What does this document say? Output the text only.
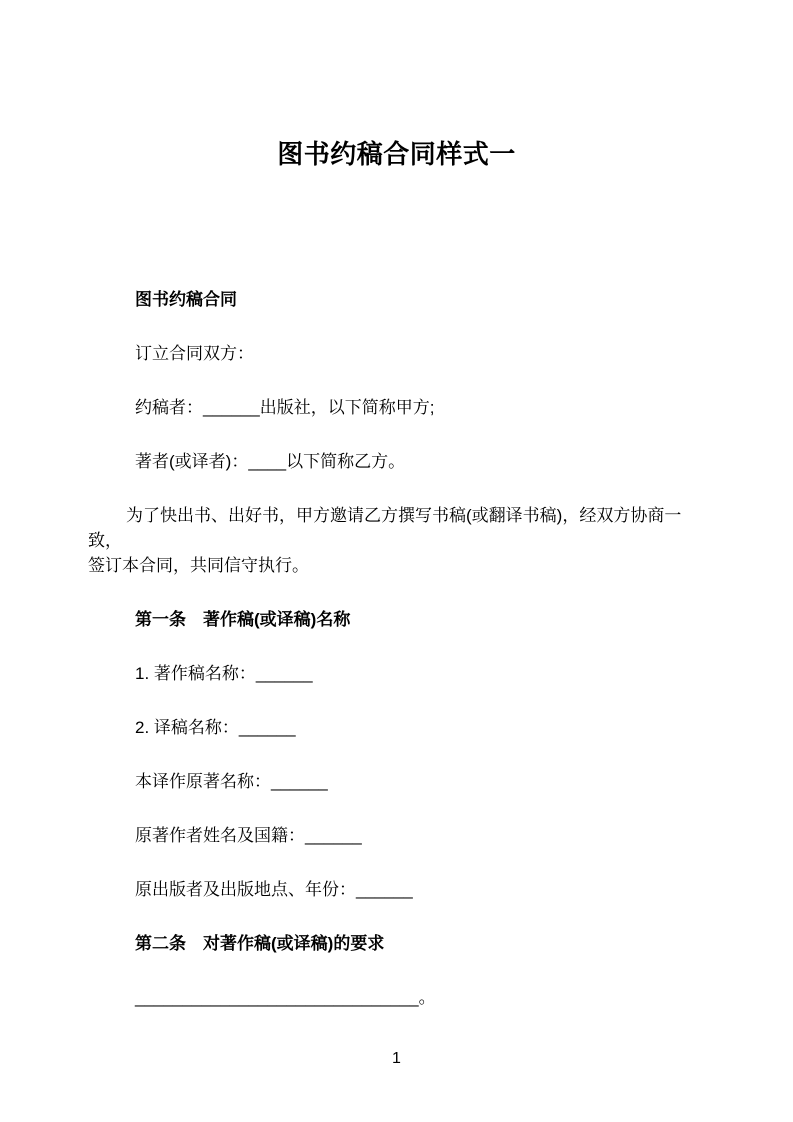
图书约稿合同样式一

图书约稿合同

订立合同双方：

约稿者：______出版社，以下简称甲方;

著者(或译者)：____以下简称乙方。

为了快出书、出好书，甲方邀请乙方撰写书稿(或翻译书稿)，经双方协商一致，
签订本合同，共同信守执行。

第一条　著作稿(或译稿)名称

1. 著作稿名称：______

2. 译稿名称：______

本译作原著名称：______

原著作者姓名及国籍：______

原出版者及出版地点、年份：______

第二条　对著作稿(或译稿)的要求

______________________________。

1
